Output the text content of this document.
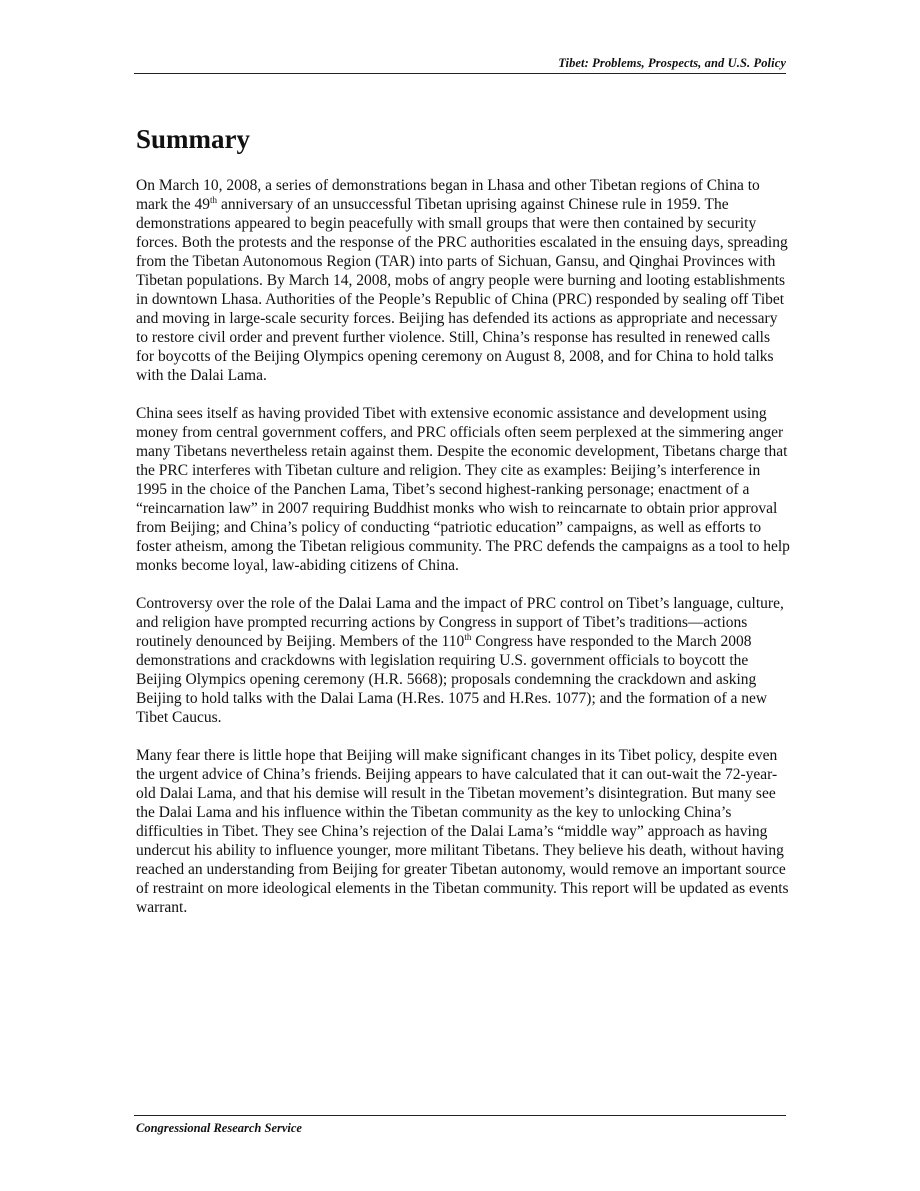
Tibet: Problems, Prospects, and U.S. Policy
Summary

On March 10, 2008, a series of demonstrations began in Lhasa and other Tibetan regions of China to mark the 49th anniversary of an unsuccessful Tibetan uprising against Chinese rule in 1959. The demonstrations appeared to begin peacefully with small groups that were then contained by security forces. Both the protests and the response of the PRC authorities escalated in the ensuing days, spreading from the Tibetan Autonomous Region (TAR) into parts of Sichuan, Gansu, and Qinghai Provinces with Tibetan populations. By March 14, 2008, mobs of angry people were burning and looting establishments in downtown Lhasa. Authorities of the People’s Republic of China (PRC) responded by sealing off Tibet and moving in large-scale security forces. Beijing has defended its actions as appropriate and necessary to restore civil order and prevent further violence. Still, China’s response has resulted in renewed calls for boycotts of the Beijing Olympics opening ceremony on August 8, 2008, and for China to hold talks with the Dalai Lama.

China sees itself as having provided Tibet with extensive economic assistance and development using money from central government coffers, and PRC officials often seem perplexed at the simmering anger many Tibetans nevertheless retain against them. Despite the economic development, Tibetans charge that the PRC interferes with Tibetan culture and religion. They cite as examples: Beijing’s interference in 1995 in the choice of the Panchen Lama, Tibet’s second highest-ranking personage; enactment of a “reincarnation law” in 2007 requiring Buddhist monks who wish to reincarnate to obtain prior approval from Beijing; and China’s policy of conducting “patriotic education” campaigns, as well as efforts to foster atheism, among the Tibetan religious community. The PRC defends the campaigns as a tool to help monks become loyal, law-abiding citizens of China.

Controversy over the role of the Dalai Lama and the impact of PRC control on Tibet’s language, culture, and religion have prompted recurring actions by Congress in support of Tibet’s traditions—actions routinely denounced by Beijing. Members of the 110th Congress have responded to the March 2008 demonstrations and crackdowns with legislation requiring U.S. government officials to boycott the Beijing Olympics opening ceremony (H.R. 5668); proposals condemning the crackdown and asking Beijing to hold talks with the Dalai Lama (H.Res. 1075 and H.Res. 1077); and the formation of a new Tibet Caucus.

Many fear there is little hope that Beijing will make significant changes in its Tibet policy, despite even the urgent advice of China’s friends. Beijing appears to have calculated that it can out-wait the 72-year-old Dalai Lama, and that his demise will result in the Tibetan movement’s disintegration. But many see the Dalai Lama and his influence within the Tibetan community as the key to unlocking China’s difficulties in Tibet. They see China’s rejection of the Dalai Lama’s “middle way” approach as having undercut his ability to influence younger, more militant Tibetans. They believe his death, without having reached an understanding from Beijing for greater Tibetan autonomy, would remove an important source of restraint on more ideological elements in the Tibetan community. This report will be updated as events warrant.

Congressional Research Service
